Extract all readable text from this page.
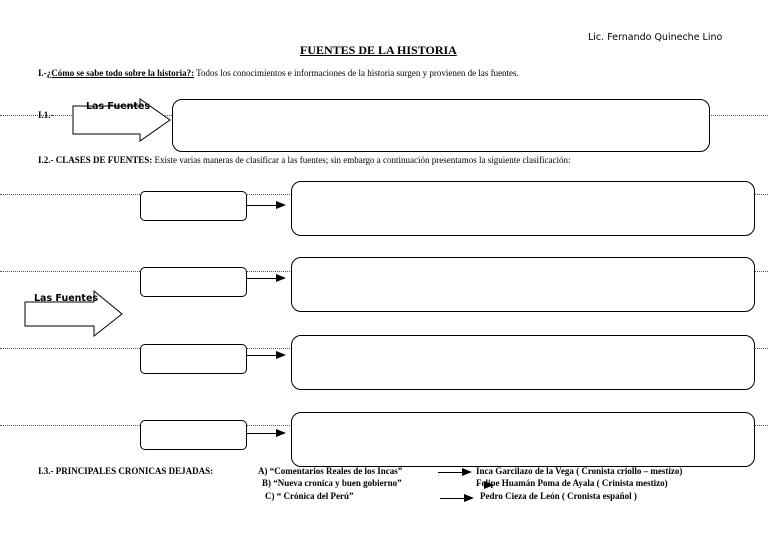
Lic. Fernando Quineche Lino
FUENTES DE LA HISTORIA
I.-¿Cómo se sabe todo sobre la historia?: Todos los conocimientos e informaciones de la historia surgen y provienen de las fuentes.
I.1.-
Las Fuentes
I.2.- CLASES DE FUENTES: Existe varias maneras de clasificar a las fuentes; sin embargo a continuación presentamos la siguiente clasificación:
Las Fuentes
I.3.- PRINCIPALES CRONICAS DEJADAS:	A) “Comentarios Reales de los Incas”	Inca Garcilazo de la Vega ( Cronista criollo – mestizo)
B) “Nueva cronica y buen gobierno”	Felipe Huamán Poma de Ayala ( Crinista mestizo)
C) “ Crónica del Perú”	Pedro Cieza de León ( Cronista español )
